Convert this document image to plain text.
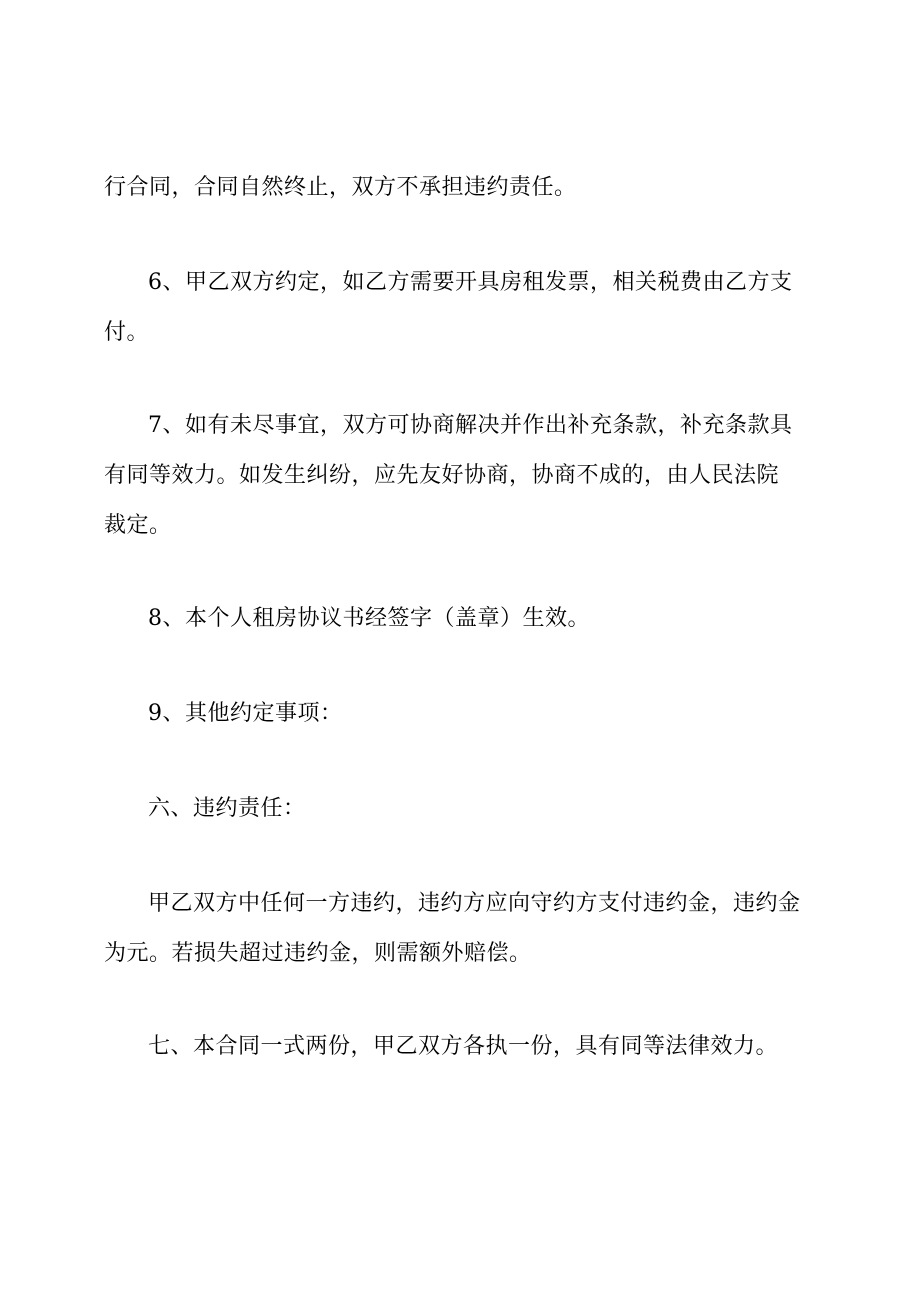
行合同，合同自然终止，双方不承担违约责任。
6、甲乙双方约定，如乙方需要开具房租发票，相关税费由乙方支
付。
7、如有未尽事宜，双方可协商解决并作出补充条款，补充条款具
有同等效力。如发生纠纷，应先友好协商，协商不成的，由人民法院
裁定。
8、本个人租房协议书经签字（盖章）生效。
9、其他约定事项：
六、违约责任：
甲乙双方中任何一方违约，违约方应向守约方支付违约金，违约金
为元。若损失超过违约金，则需额外赔偿。
七、本合同一式两份，甲乙双方各执一份，具有同等法律效力。
